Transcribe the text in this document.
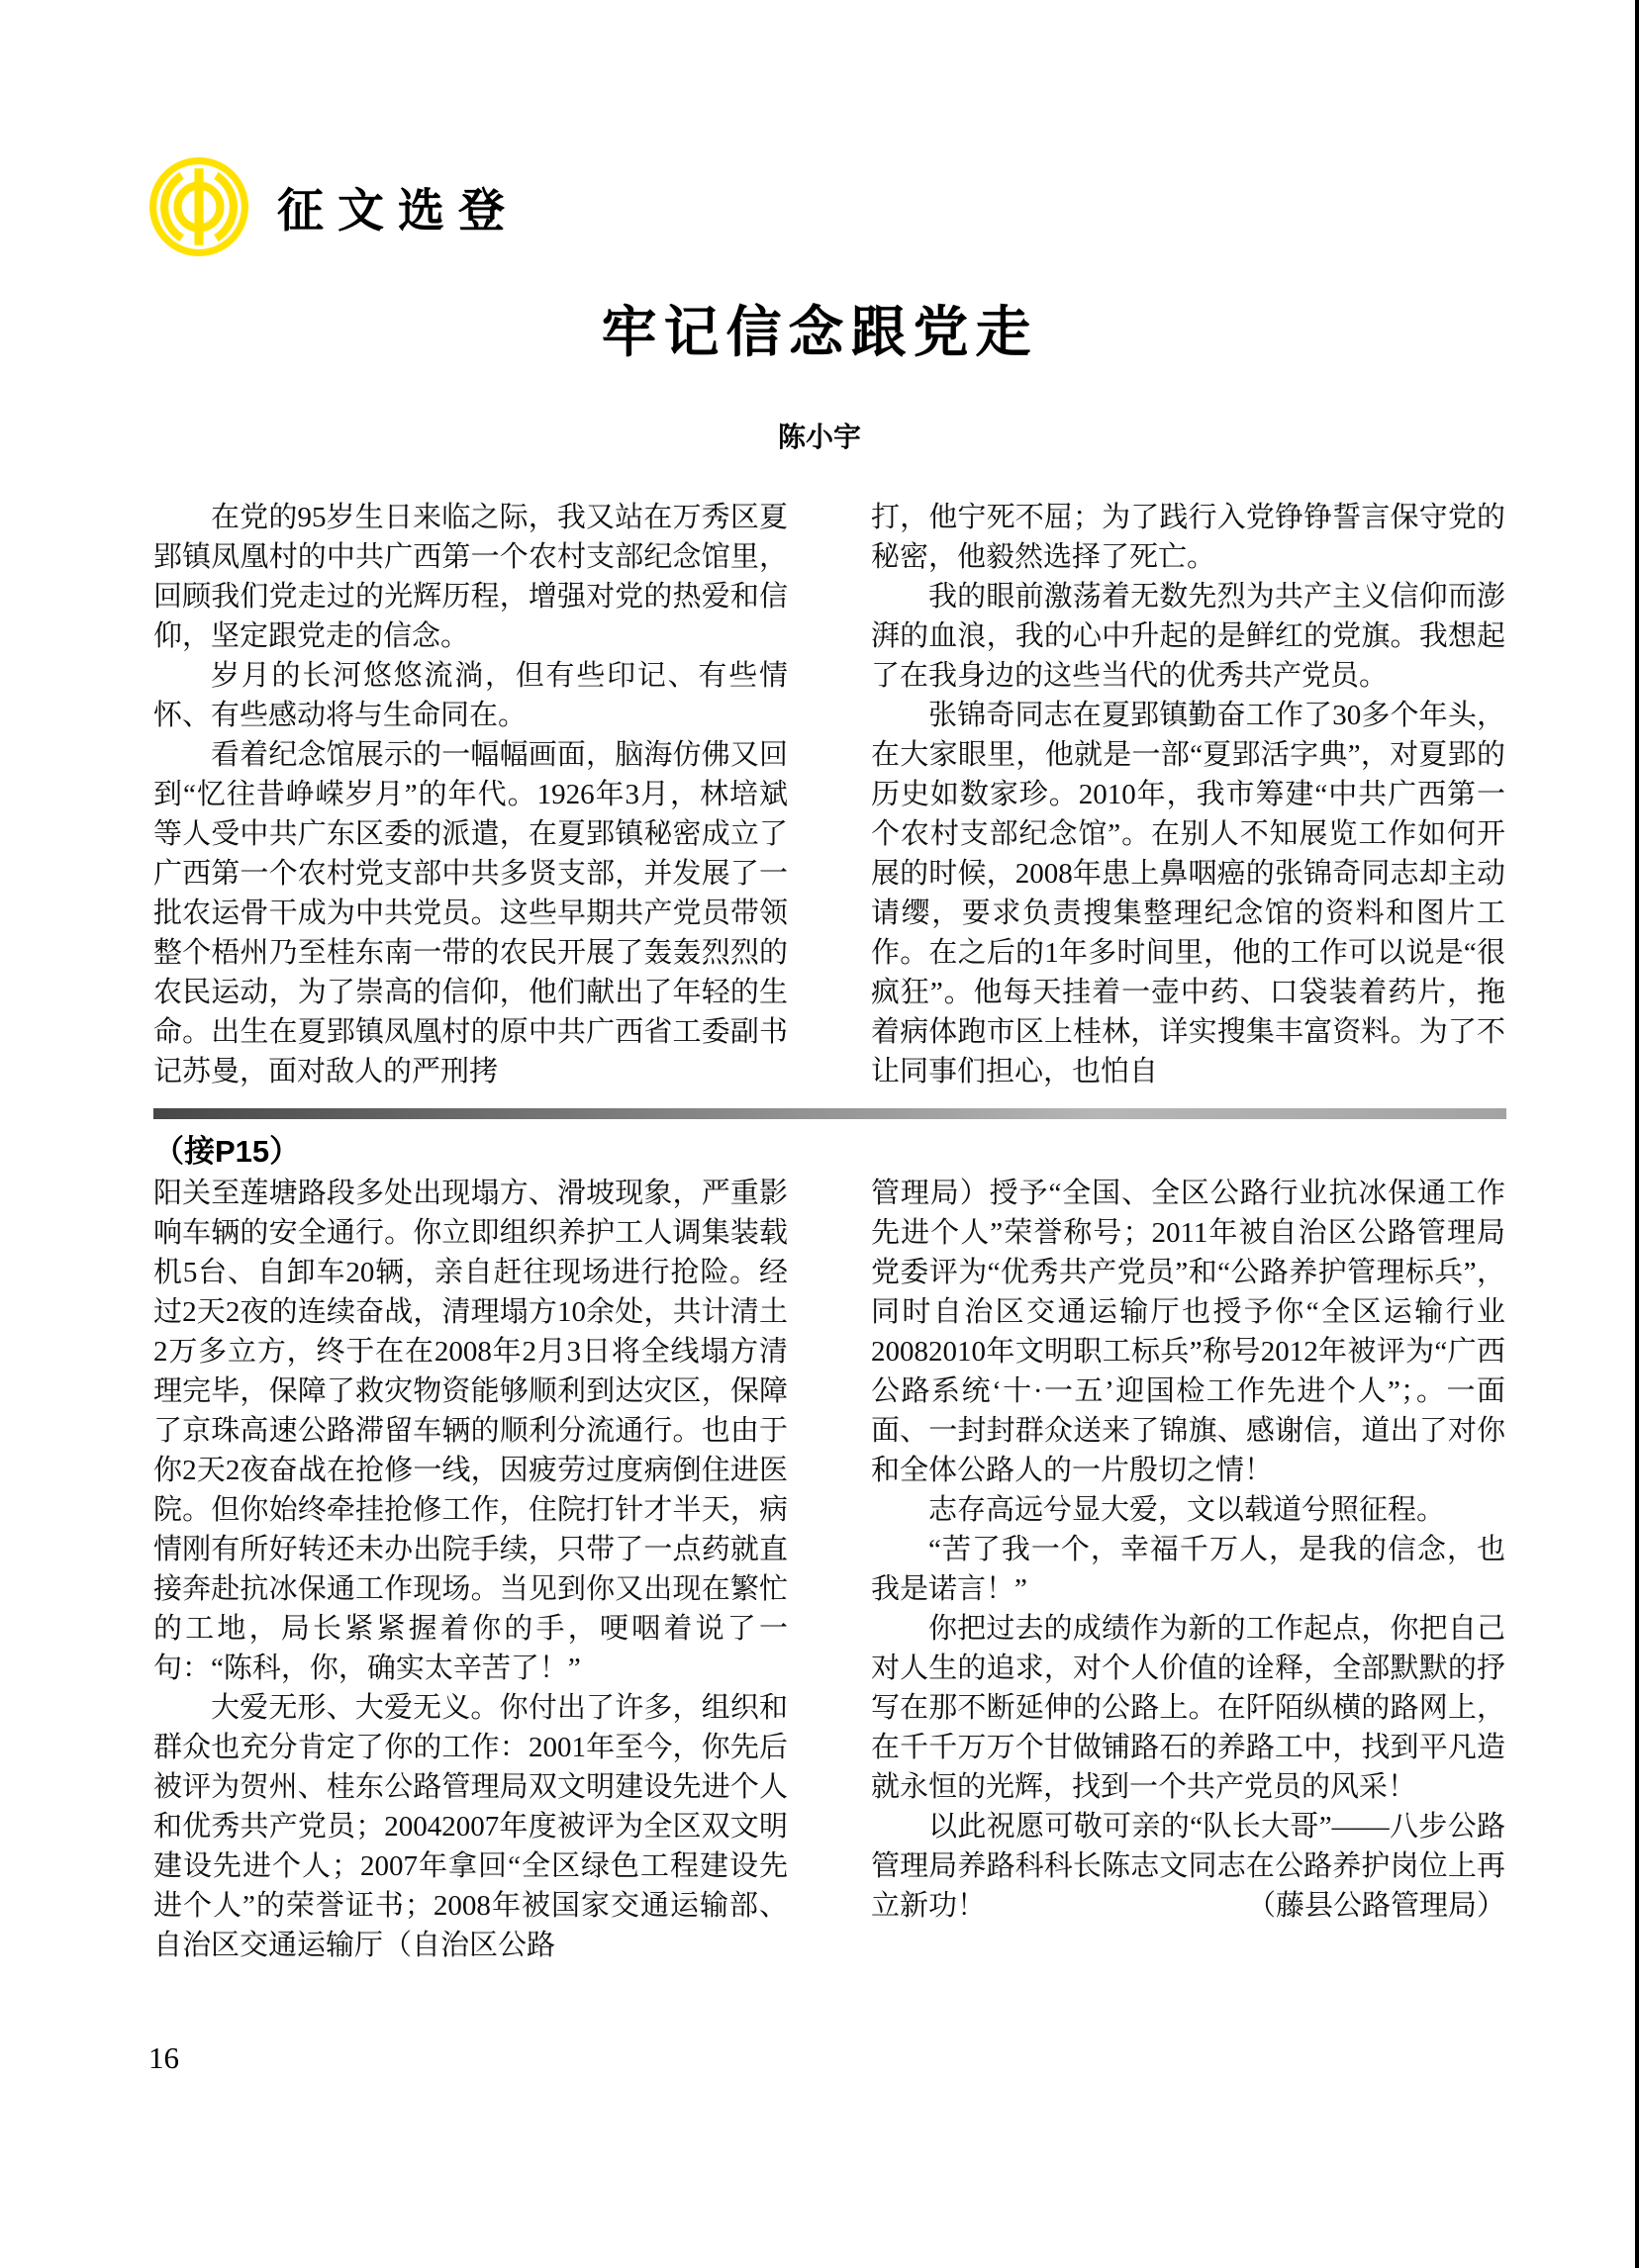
征文选登
牢记信念跟党走
陈小宇

在党的95岁生日来临之际，我又站在万秀区夏郢镇凤凰村的中共广西第一个农村支部纪念馆里，回顾我们党走过的光辉历程，增强对党的热爱和信仰，坚定跟党走的信念。

岁月的长河悠悠流淌，但有些印记、有些情怀、有些感动将与生命同在。

看着纪念馆展示的一幅幅画面，脑海仿佛又回到“忆往昔峥嵘岁月”的年代。1926年3月，林培斌等人受中共广东区委的派遣，在夏郢镇秘密成立了广西第一个农村党支部中共多贤支部，并发展了一批农运骨干成为中共党员。这些早期共产党员带领整个梧州乃至桂东南一带的农民开展了轰轰烈烈的农民运动，为了崇高的信仰，他们献出了年轻的生命。出生在夏郢镇凤凰村的原中共广西省工委副书记苏曼，面对敌人的严刑拷

打，他宁死不屈；为了践行入党铮铮誓言保守党的秘密，他毅然选择了死亡。

我的眼前激荡着无数先烈为共产主义信仰而澎湃的血浪，我的心中升起的是鲜红的党旗。我想起了在我身边的这些当代的优秀共产党员。

张锦奇同志在夏郢镇勤奋工作了30多个年头，在大家眼里，他就是一部“夏郢活字典”，对夏郢的历史如数家珍。2010年，我市筹建“中共广西第一个农村支部纪念馆”。在别人不知展览工作如何开展的时候，2008年患上鼻咽癌的张锦奇同志却主动请缨，要求负责搜集整理纪念馆的资料和图片工作。在之后的1年多时间里，他的工作可以说是“很疯狂”。他每天挂着一壶中药、口袋装着药片，拖着病体跑市区上桂林，详实搜集丰富资料。为了不让同事们担心，也怕自

（接P15）

阳关至莲塘路段多处出现塌方、滑坡现象，严重影响车辆的安全通行。你立即组织养护工人调集装载机5台、自卸车20辆，亲自赶往现场进行抢险。经过2天2夜的连续奋战，清理塌方10余处，共计清土2万多立方，终于在在2008年2月3日将全线塌方清理完毕，保障了救灾物资能够顺利到达灾区，保障了京珠高速公路滞留车辆的顺利分流通行。也由于你2天2夜奋战在抢修一线，因疲劳过度病倒住进医院。但你始终牵挂抢修工作，住院打针才半天，病情刚有所好转还未办出院手续，只带了一点药就直接奔赴抗冰保通工作现场。当见到你又出现在繁忙的工地，局长紧紧握着你的手，哽咽着说了一句：“陈科，你，确实太辛苦了！”

大爱无形、大爱无义。你付出了许多，组织和群众也充分肯定了你的工作：2001年至今，你先后被评为贺州、桂东公路管理局双文明建设先进个人和优秀共产党员；20042007年度被评为全区双文明建设先进个人；2007年拿回“全区绿色工程建设先进个人”的荣誉证书；2008年被国家交通运输部、自治区交通运输厅（自治区公路

管理局）授予“全国、全区公路行业抗冰保通工作先进个人”荣誉称号；2011年被自治区公路管理局党委评为“优秀共产党员”和“公路养护管理标兵”，同时自治区交通运输厅也授予你“全区运输行业20082010年文明职工标兵”称号2012年被评为“广西公路系统‘十·一五’迎国检工作先进个人”；。一面面、一封封群众送来了锦旗、感谢信，道出了对你和全体公路人的一片殷切之情！

志存高远兮显大爱，文以载道兮照征程。

“苦了我一个，幸福千万人，是我的信念，也我是诺言！”

你把过去的成绩作为新的工作起点，你把自己对人生的追求，对个人价值的诠释，全部默默的抒写在那不断延伸的公路上。在阡陌纵横的路网上，在千千万万个甘做铺路石的养路工中，找到平凡造就永恒的光辉，找到一个共产党员的风采！

以此祝愿可敬可亲的“队长大哥”——八步公路管理局养路科科长陈志文同志在公路养护岗位上再立新功！	（藤县公路管理局）
16
